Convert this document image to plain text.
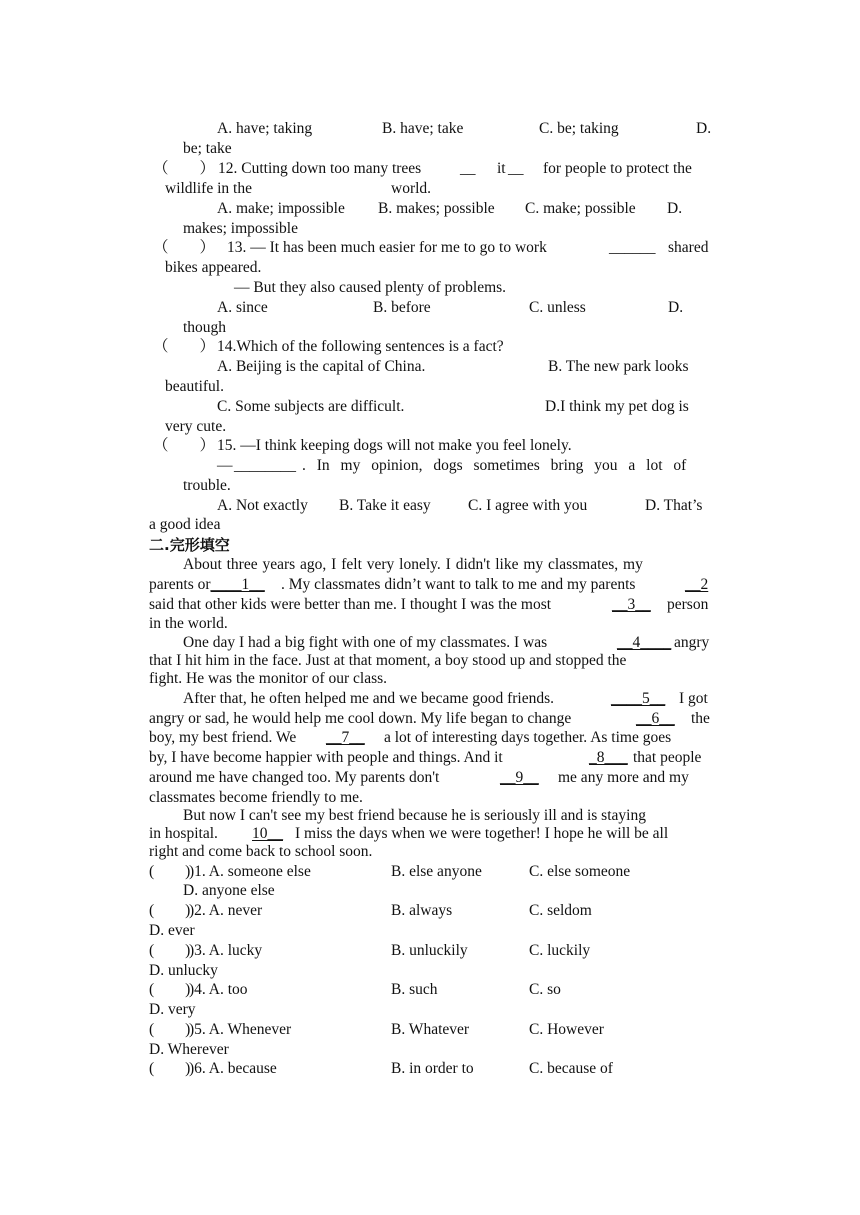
A. have; taking	B. have; take	C. be; taking	D.
be; take
（　　） 12. Cutting down too many trees	__ it __ for people to protect the
wildlife in the	world.
A. make; impossible B. makes; possible C. make; possible D.
makes; impossible
（　　） 13. — It has been much easier for me to go to work	______ shared
bikes appeared.
— But they also caused plenty of problems.
A. since	B. before	C. unless	D.
though
（　　） 14.Which of the following sentences is a fact?
A. Beijing is the capital of China.	B. The new park looks
beautiful.
C. Some subjects are difficult.	D.I think my pet dog is
very cute.
（　　） 15. —I think keeping dogs will not make you feel lonely.
— ________ . In my opinion, dogs sometimes bring you a lot of
trouble.
A. Not exactly B. Take it easy C. I agree with you	D. That’s
a good idea
二.完形填空
About three years ago, I felt very lonely. I didn't like my classmates, my
parents or____1__ . My classmates didn’t want to talk to me and my parents	__2
said that other kids were better than me. I thought I was the most	__3__ person
in the world.
One day I had a big fight with one of my classmates. I was	__4____ angry
that I hit him in the face. Just at that moment, a boy stood up and stopped the
fight. He was the monitor of our class.
After that, he often helped me and we became good friends.	____5__ I got
angry or sad, he would help me cool down. My life began to change	__6__ the
boy, my best friend. We __7__ a lot of interesting days together. As time goes
by, I have become happier with people and things. And it	_8___ that people
around me have changed too. My parents don't	__9__ me any more and my
classmates become friendly to me.
But now I can't see my best friend because he is seriously ill and is staying
in hospital. 10__ I miss the days when we were together! I hope he will be all
right and come back to school soon.
(　　)
)1. A. someone else	B. else anyone	C. else someone
D. anyone else
(　　)
)2. A. never	B. always	C. seldom
D. ever
(　　)
)3. A. lucky	B. unluckily	C. luckily
D. unlucky
(　　)
)4. A. too	B. such	C. so
D. very
(　　)
)5. A. Whenever	B. Whatever	C. However
D. Wherever
(　　)
)6. A. because	B. in order to	C. because of
